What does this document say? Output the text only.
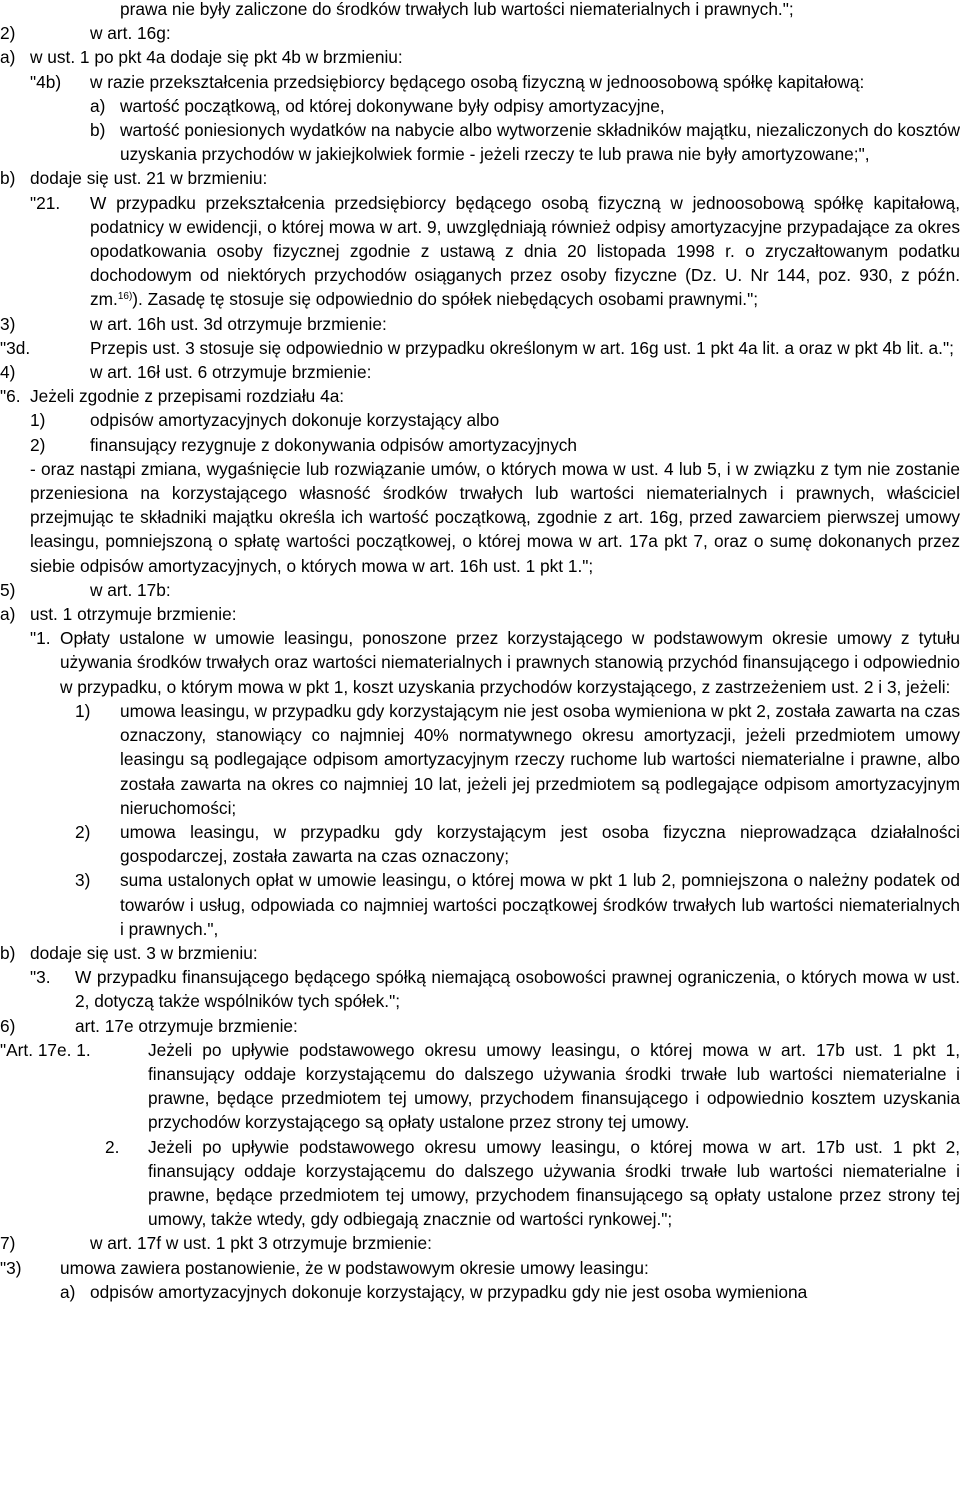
prawa nie były zaliczone do środków trwałych lub wartości niematerialnych i prawnych.";
2)	w art. 16g:
a) w ust. 1 po pkt 4a dodaje się pkt 4b w brzmieniu:
"4b)	w razie przekształcenia przedsiębiorcy będącego osobą fizyczną w jednoosobową spółkę kapitałową:
a) wartość początkową, od której dokonywane były odpisy amortyzacyjne,
b) wartość poniesionych wydatków na nabycie albo wytworzenie składników majątku, niezaliczonych do kosztów uzyskania przychodów w jakiejkolwiek formie - jeżeli rzeczy te lub prawa nie były amortyzowane;",
b) dodaje się ust. 21 w brzmieniu:
"21.	W przypadku przekształcenia przedsiębiorcy będącego osobą fizyczną w jednoosobową spółkę kapitałową, podatnicy w ewidencji, o której mowa w art. 9, uwzględniają również odpisy amortyzacyjne przypadające za okres opodatkowania osoby fizycznej zgodnie z ustawą z dnia 20 listopada 1998 r. o zryczałtowanym podatku dochodowym od niektórych przychodów osiąganych przez osoby fizyczne (Dz. U. Nr 144, poz. 930, z późn. zm.$^{16)}$). Zasadę tę stosuje się odpowiednio do spółek niebędących osobami prawnymi.";
3)	w art. 16h ust. 3d otrzymuje brzmienie:
"3d.	Przepis ust. 3 stosuje się odpowiednio w przypadku określonym w art. 16g ust. 1 pkt 4a lit. a oraz w pkt 4b lit. a.";
4)	w art. 16ł ust. 6 otrzymuje brzmienie:
"6. Jeżeli zgodnie z przepisami rozdziału 4a:
1)	odpisów amortyzacyjnych dokonuje korzystający albo
2)	finansujący rezygnuje z dokonywania odpisów amortyzacyjnych
- oraz nastąpi zmiana, wygaśnięcie lub rozwiązanie umów, o których mowa w ust. 4 lub 5, i w związku z tym nie zostanie przeniesiona na korzystającego własność środków trwałych lub wartości niematerialnych i prawnych, właściciel przejmując te składniki majątku określa ich wartość początkową, zgodnie z art. 16g, przed zawarciem pierwszej umowy leasingu, pomniejszoną o spłatę wartości początkowej, o której mowa w art. 17a pkt 7, oraz o sumę dokonanych przez siebie odpisów amortyzacyjnych, o których mowa w art. 16h ust. 1 pkt 1.";
5)	w art. 17b:
a) ust. 1 otrzymuje brzmienie:
"1. Opłaty ustalone w umowie leasingu, ponoszone przez korzystającego w podstawowym okresie umowy z tytułu używania środków trwałych oraz wartości niematerialnych i prawnych stanowią przychód finansującego i odpowiednio w przypadku, o którym mowa w pkt 1, koszt uzyskania przychodów korzystającego, z zastrzeżeniem ust. 2 i 3, jeżeli:
1)	umowa leasingu, w przypadku gdy korzystającym nie jest osoba wymieniona w pkt 2, została zawarta na czas oznaczony, stanowiący co najmniej 40% normatywnego okresu amortyzacji, jeżeli przedmiotem umowy leasingu są podlegające odpisom amortyzacyjnym rzeczy ruchome lub wartości niematerialne i prawne, albo została zawarta na okres co najmniej 10 lat, jeżeli jej przedmiotem są podlegające odpisom amortyzacyjnym nieruchomości;
2)	umowa leasingu, w przypadku gdy korzystającym jest osoba fizyczna nieprowadząca działalności gospodarczej, została zawarta na czas oznaczony;
3)	suma ustalonych opłat w umowie leasingu, o której mowa w pkt 1 lub 2, pomniejszona o należny podatek od towarów i usług, odpowiada co najmniej wartości początkowej środków trwałych lub wartości niematerialnych i prawnych.",
b) dodaje się ust. 3 w brzmieniu:
"3.	W przypadku finansującego będącego spółką niemającą osobowości prawnej ograniczenia, o których mowa w ust. 2, dotyczą także wspólników tych spółek.";
6)	art. 17e otrzymuje brzmienie:
"Art. 17e. 1.	Jeżeli po upływie podstawowego okresu umowy leasingu, o której mowa w art. 17b ust. 1 pkt 1, finansujący oddaje korzystającemu do dalszego używania środki trwałe lub wartości niematerialne i prawne, będące przedmiotem tej umowy, przychodem finansującego i odpowiednio kosztem uzyskania przychodów korzystającego są opłaty ustalone przez strony tej umowy.
2.	Jeżeli po upływie podstawowego okresu umowy leasingu, o której mowa w art. 17b ust. 1 pkt 2, finansujący oddaje korzystającemu do dalszego używania środki trwałe lub wartości niematerialne i prawne, będące przedmiotem tej umowy, przychodem finansującego są opłaty ustalone przez strony tej umowy, także wtedy, gdy odbiegają znacznie od wartości rynkowej.";
7)	w art. 17f w ust. 1 pkt 3 otrzymuje brzmienie:
"3)	umowa zawiera postanowienie, że w podstawowym okresie umowy leasingu:
a) odpisów amortyzacyjnych dokonuje korzystający, w przypadku gdy nie jest osoba wymieniona
